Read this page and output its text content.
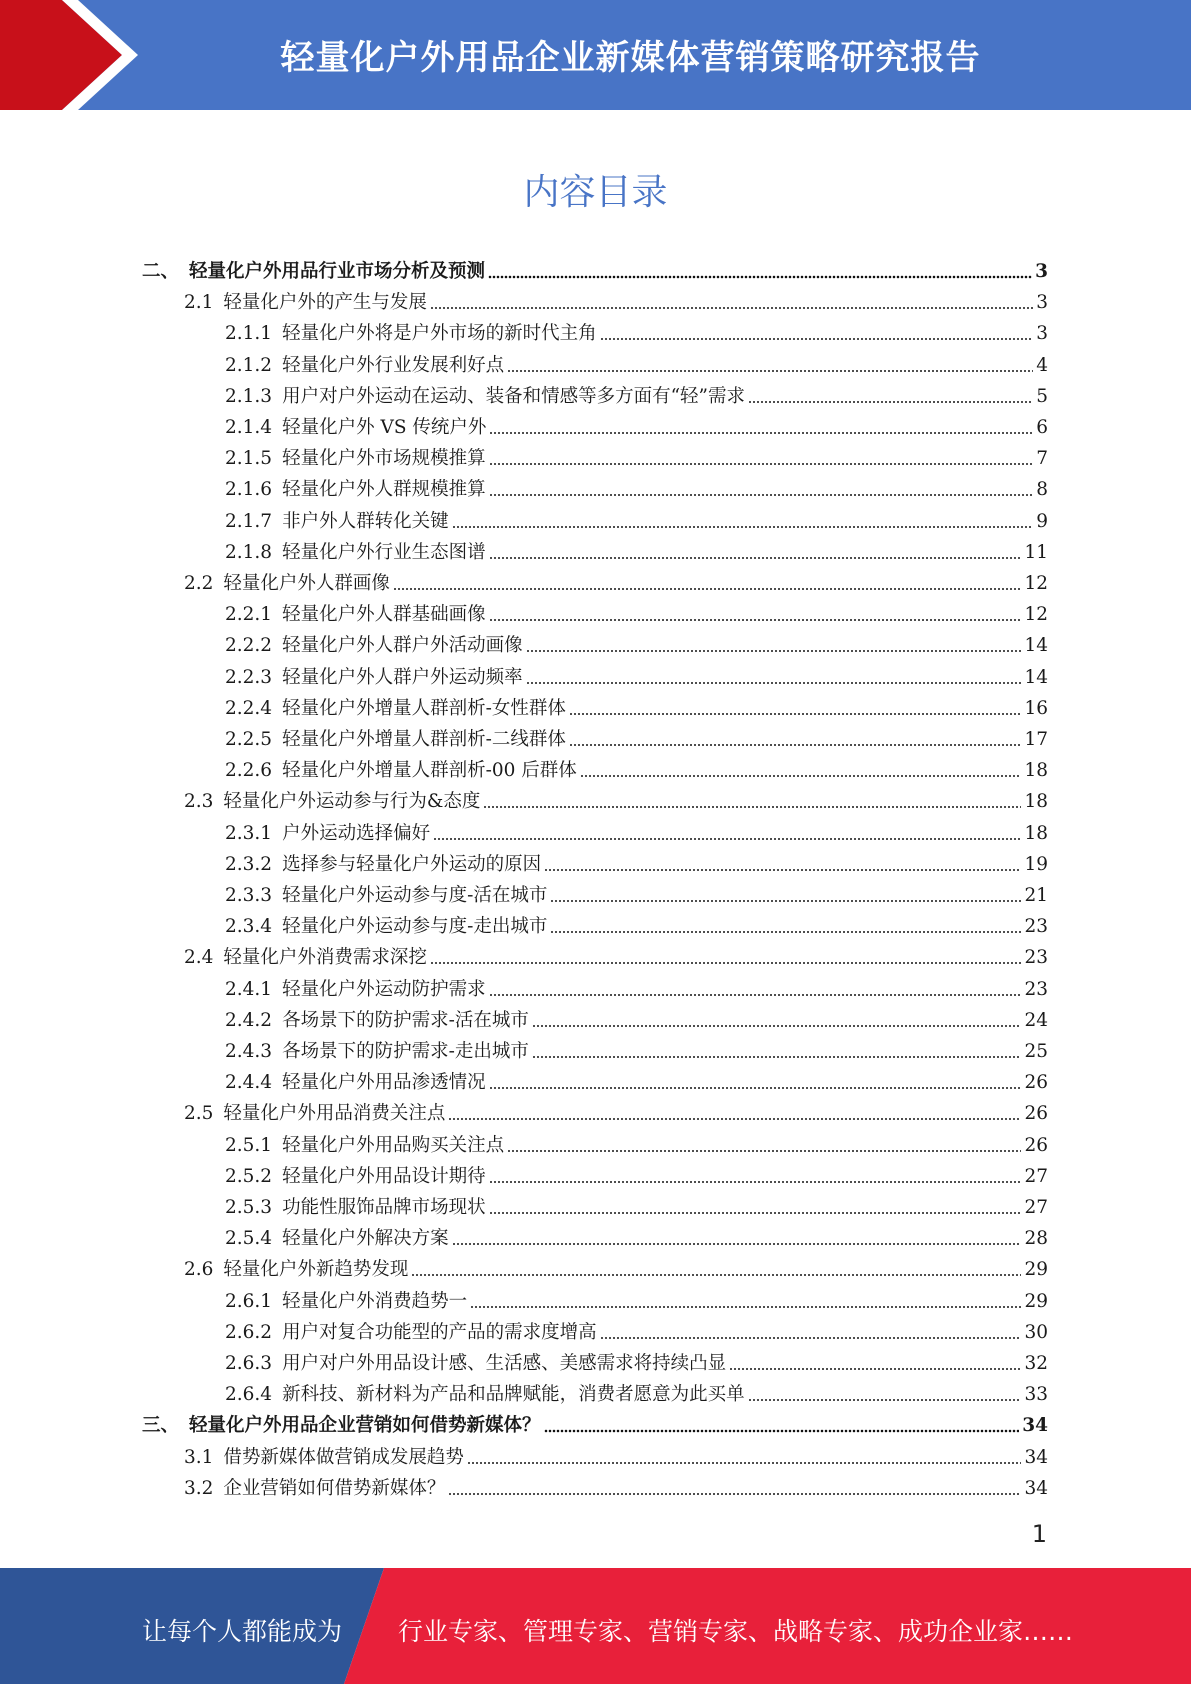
轻量化户外用品企业新媒体营销策略研究报告
内容目录
二、 轻量化户外用品行业市场分析及预测	3
2.1 轻量化户外的产生与发展	3
2.1.1 轻量化户外将是户外市场的新时代主角	3
2.1.2 轻量化户外行业发展利好点	4
2.1.3 用户对户外运动在运动、装备和情感等多方面有“轻”需求	5
2.1.4 轻量化户外 VS 传统户外	6
2.1.5 轻量化户外市场规模推算	7
2.1.6 轻量化户外人群规模推算	8
2.1.7 非户外人群转化关键	9
2.1.8 轻量化户外行业生态图谱	11
2.2 轻量化户外人群画像	12
2.2.1 轻量化户外人群基础画像	12
2.2.2 轻量化户外人群户外活动画像	14
2.2.3 轻量化户外人群户外运动频率	14
2.2.4 轻量化户外增量人群剖析-女性群体	16
2.2.5 轻量化户外增量人群剖析-二线群体	17
2.2.6 轻量化户外增量人群剖析-00 后群体	18
2.3 轻量化户外运动参与行为&态度	18
2.3.1 户外运动选择偏好	18
2.3.2 选择参与轻量化户外运动的原因	19
2.3.3 轻量化户外运动参与度-活在城市	21
2.3.4 轻量化户外运动参与度-走出城市	23
2.4 轻量化户外消费需求深挖	23
2.4.1 轻量化户外运动防护需求	23
2.4.2 各场景下的防护需求-活在城市	24
2.4.3 各场景下的防护需求-走出城市	25
2.4.4 轻量化户外用品渗透情况	26
2.5 轻量化户外用品消费关注点	26
2.5.1 轻量化户外用品购买关注点	26
2.5.2 轻量化户外用品设计期待	27
2.5.3 功能性服饰品牌市场现状	27
2.5.4 轻量化户外解决方案	28
2.6 轻量化户外新趋势发现	29
2.6.1 轻量化户外消费趋势一	29
2.6.2 用户对复合功能型的产品的需求度增高	30
2.6.3 用户对户外用品设计感、生活感、美感需求将持续凸显	32
2.6.4 新科技、新材料为产品和品牌赋能，消费者愿意为此买单	33
三、 轻量化户外用品企业营销如何借势新媒体？	34
3.1 借势新媒体做营销成发展趋势	34
3.2 企业营销如何借势新媒体？	34
1
让每个人都能成为 行业专家、管理专家、营销专家、战略专家、成功企业家……
